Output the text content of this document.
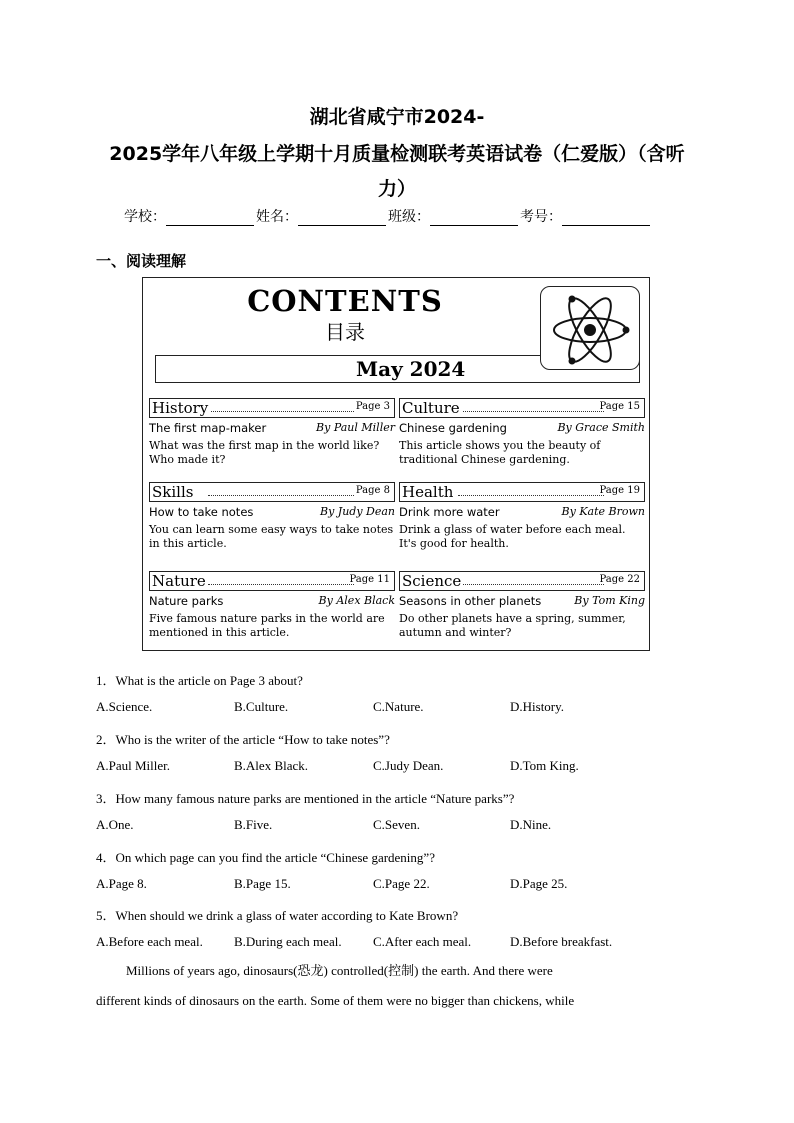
湖北省咸宁市2024-
2025学年八年级上学期十月质量检测联考英语试卷（仁爱版）（含听
力）
学校：	姓名：	班级：	考号：
一、阅读理解
CONTENTS
目录
May 2024
History	Page 3
The first map-maker	By Paul Miller
What was the first map in the world like? Who made it?
Culture	Page 15
Chinese gardening	By Grace Smith
This article shows you the beauty of traditional Chinese gardening.
Skills	Page 8
How to take notes	By Judy Dean
You can learn some easy ways to take notes in this article.
Health	Page 19
Drink more water	By Kate Brown
Drink a glass of water before each meal. It's good for health.
Nature	Page 11
Nature parks	By Alex Black
Five famous nature parks in the world are mentioned in this article.
Science	Page 22
Seasons in other planets	By Tom King
Do other planets have a spring, summer, autumn and winter?
1．What is the article on Page 3 about?
A.Science.	B.Culture.	C.Nature.	D.History.
2．Who is the writer of the article “How to take notes”?
A.Paul Miller.	B.Alex Black.	C.Judy Dean.	D.Tom King.
3．How many famous nature parks are mentioned in the article “Nature parks”?
A.One.	B.Five.	C.Seven.	D.Nine.
4．On which page can you find the article “Chinese gardening”?
A.Page 8.	B.Page 15.	C.Page 22.	D.Page 25.
5．When should we drink a glass of water according to Kate Brown?
A.Before each meal. B.During each meal. C.After each meal.	D.Before breakfast.
Millions of years ago, dinosaurs(恐龙) controlled(控制) the earth. And there were
different kinds of dinosaurs on the earth. Some of them were no bigger than chickens, while
